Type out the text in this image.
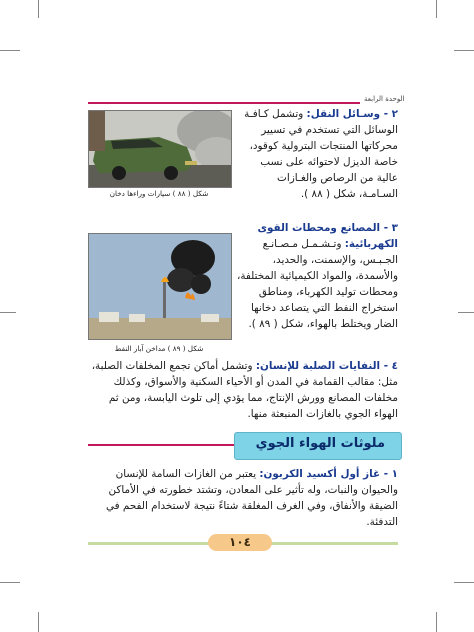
الوحدة الرابعة
٢ - وسـائل النقل: وتشمل كـافـة الوسائل التي تستخدم في تسيير محركاتها المنتجات البترولية كوقود، خاصة الديزل لاحتوائه على نسب عالية من الرصاص والغـازات السـامـة، شكل ( ٨٨ ).
شكل ( ٨٨ ) سيارات وراءها دخان
٣ - المصانع ومحطات القوى الكهربائية: وتـشـمـل مـصـانـع الجـبـس، والإسمنت، والحديد، والأسمدة، والمواد الكيميائية المختلفة، ومحطات توليد الكهرباء، ومناطق استخراج النفط التي يتصاعد دخانها الضار ويختلط بالهواء، شكل ( ٨٩ ).
شكل ( ٨٩ ) مداخن آبار النفط
٤ - النفايات الصلبة للإنسان: وتشمل أماكن تجمع المخلفات الصلبة، مثل: مقالب القمامة في المدن أو الأحياء السكنية والأسواق، وكذلك مخلفات المصانع وورش الإنتاج، مما يؤدي إلى تلوث اليابسة، ومن ثم الهواء الجوي بالغازات المنبعثة منها.
ملوثات الهواء الجوي
١ - غاز أول أكسيد الكربون: يعتبر من الغازات السامة للإنسان والحيوان والنبات، وله تأثير على المعادن، وتشتد خطورته في الأماكن الضيقة والأنفاق، وفي الغرف المغلقة شتاءً نتيجة لاستخدام الفحم في التدفئة.
١٠٤
